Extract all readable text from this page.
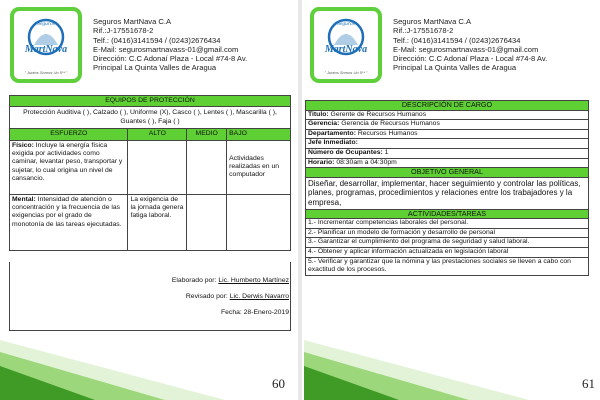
Seguros
MartNava
" Juntos Somos Un 5** "
Seguros MartNava C.A
Rif.:J-17551678-2
Telf.: (0416)3141594 / (0243)2676434
E-Mail: segurosmartnavass-01@gmail.com
Dirección: C.C Adonaí Plaza - Local #74-8 Av.
Principal La Quinta Valles de Aragua
EQUIPOS DE PROTECCIÓN			
Protección Auditiva ( ), Calzado ( ), Uniforme (X), Casco ( ), Lentes ( ), Mascarilla ( ), Guantes ( ), Faja ( )			
ESFUERZO	ALTO	MEDIO	BAJO
Físico: Incluye la energía física exigida por actividades como caminar, levantar peso, transportar y sujetar, lo cual origina un nivel de cansancio.			Actividades realizadas en un computador
Mental: Intensidad de atención o concentración y la frecuencia de las exigencias por el grado de monotonía de las tareas ejecutadas.	La exigencia de la jornada genera fatiga laboral.		
Elaborado por: Lic. Humberto Martínez
Revisado por: Lic. Derwis Navarro
Fecha: 28-Enero-2019
60
Seguros
MartNava
" Juntos Somos Un 5** "
Seguros MartNava C.A
Rif.:J-17551678-2
Telf.: (0416)3141594 / (0243)2676434
E-Mail: segurosmartnavass-01@gmail.com
Dirección: C.C Adonaí Plaza - Local #74-8 Av.
Principal La Quinta Valles de Aragua
61
DESCRIPCIÓN DE CARGO
Titulo: Gerente de Recursos Humanos
Gerencia: Gerencia de Recursos Humanos
Departamento: Recursos Humanos
Jefe Inmediato:
Número de Ocupantes: 1
Horario: 08:30am a 04:30pm
OBJETIVO GENERAL
Diseñar, desarrollar, implementar, hacer seguimiento y controlar las políticas, planes, programas, procedimientos y relaciones entre los trabajadores y la empresa,
ACTIVIDADES/TAREAS
1.- Incrementar competencias laborales del personal.
2.- Planificar un modelo de formación y desarrollo de personal
3.- Garantizar el cumplimiento del programa de seguridad y salud laboral.
4.- Obtener y aplicar información actualizada en legislación laboral
5.- Verificar y garantizar que la nómina y las prestaciones sociales se lleven a cabo con exactitud de los procesos.
